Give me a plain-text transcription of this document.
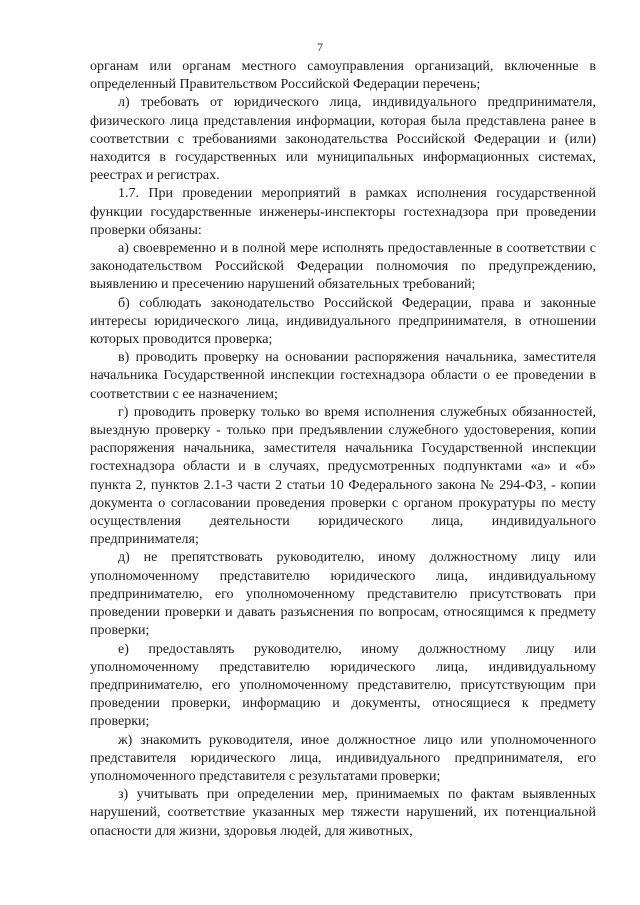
7

органам или органам местного самоуправления организаций, включенные в определенный Правительством Российской Федерации перечень;

л) требовать от юридического лица, индивидуального предпринимателя, физического лица представления информации, которая была представлена ранее в соответствии с требованиями законодательства Российской Федерации и (или) находится в государственных или муниципальных информационных системах, реестрах и регистрах.

1.7. При проведении мероприятий в рамках исполнения государственной функции государственные инженеры-инспекторы гостехнадзора при проведении проверки обязаны:

а) своевременно и в полной мере исполнять предоставленные в соответствии с законодательством Российской Федерации полномочия по предупреждению, выявлению и пресечению нарушений обязательных требований;

б) соблюдать законодательство Российской Федерации, права и законные интересы юридического лица, индивидуального предпринимателя, в отношении которых проводится проверка;

в) проводить проверку на основании распоряжения начальника, заместителя начальника Государственной инспекции гостехнадзора области о ее проведении в соответствии с ее назначением;

г) проводить проверку только во время исполнения служебных обязанностей, выездную проверку - только при предъявлении служебного удостоверения, копии распоряжения начальника, заместителя начальника Государственной инспекции гостехнадзора области и в случаях, предусмотренных подпунктами «а» и «б» пункта 2, пунктов 2.1-3 части 2 статьи 10 Федерального закона № 294-ФЗ, - копии документа о согласовании проведения проверки с органом прокуратуры по месту осуществления деятельности юридического лица, индивидуального предпринимателя;

д) не препятствовать руководителю, иному должностному лицу или уполномоченному представителю юридического лица, индивидуальному предпринимателю, его уполномоченному представителю присутствовать при проведении проверки и давать разъяснения по вопросам, относящимся к предмету проверки;

е) предоставлять руководителю, иному должностному лицу или уполномоченному представителю юридического лица, индивидуальному предпринимателю, его уполномоченному представителю, присутствующим при проведении проверки, информацию и документы, относящиеся к предмету проверки;

ж) знакомить руководителя, иное должностное лицо или уполномоченного представителя юридического лица, индивидуального предпринимателя, его уполномоченного представителя с результатами проверки;

з) учитывать при определении мер, принимаемых по фактам выявленных нарушений, соответствие указанных мер тяжести нарушений, их потенциальной опасности для жизни, здоровья людей, для животных,
